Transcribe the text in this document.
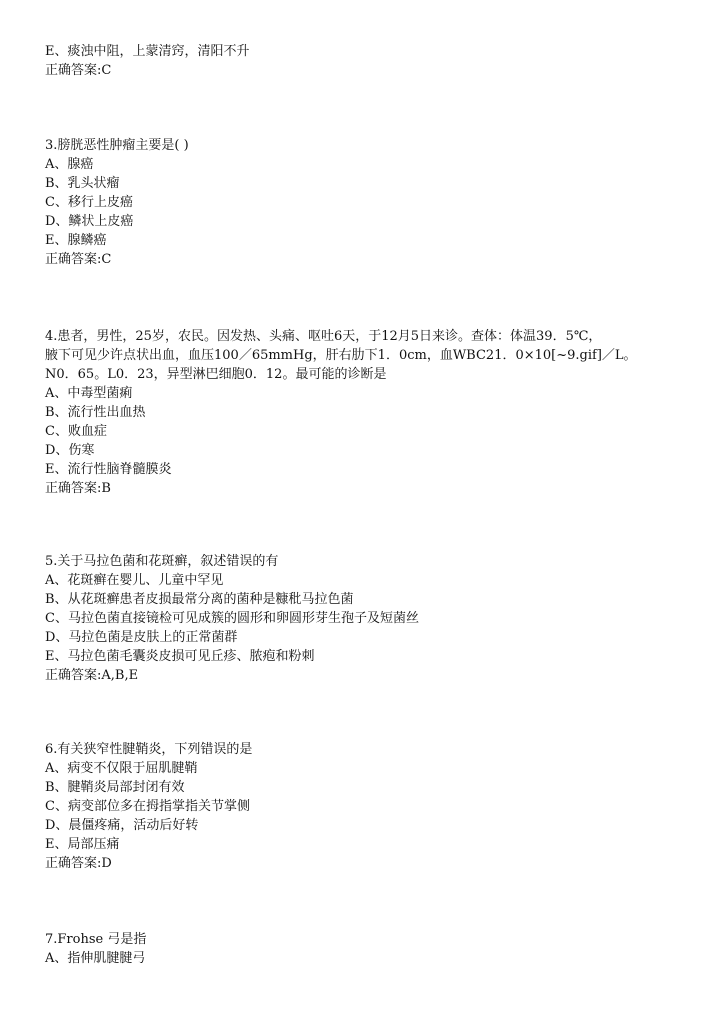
E、痰浊中阻，上蒙清窍，清阳不升
正确答案:C
3.膀胱恶性肿瘤主要是( )
A、腺癌
B、乳头状瘤
C、移行上皮癌
D、鳞状上皮癌
E、腺鳞癌
正确答案:C
4.患者，男性，25岁，农民。因发热、头痛、呕吐6天，于12月5日来诊。查体：体温39．5℃，
腋下可见少许点状出血，血压100／65mmHg，肝右肋下1．0cm，血WBC21．0×10[~9.gif]／L。
N0．65。L0．23，异型淋巴细胞0．12。最可能的诊断是
A、中毒型菌痢
B、流行性出血热
C、败血症
D、伤寒
E、流行性脑脊髓膜炎
正确答案:B
5.关于马拉色菌和花斑癣，叙述错误的有
A、花斑癣在婴儿、儿童中罕见
B、从花斑癣患者皮损最常分离的菌种是糠秕马拉色菌
C、马拉色菌直接镜检可见成簇的圆形和卵圆形芽生孢子及短菌丝
D、马拉色菌是皮肤上的正常菌群
E、马拉色菌毛囊炎皮损可见丘疹、脓疱和粉刺
正确答案:A,B,E
6.有关狭窄性腱鞘炎，下列错误的是
A、病变不仅限于屈肌腱鞘
B、腱鞘炎局部封闭有效
C、病变部位多在拇指掌指关节掌侧
D、晨僵疼痛，活动后好转
E、局部压痛
正确答案:D
7.Frohse 弓是指
A、指伸肌腱腱弓
